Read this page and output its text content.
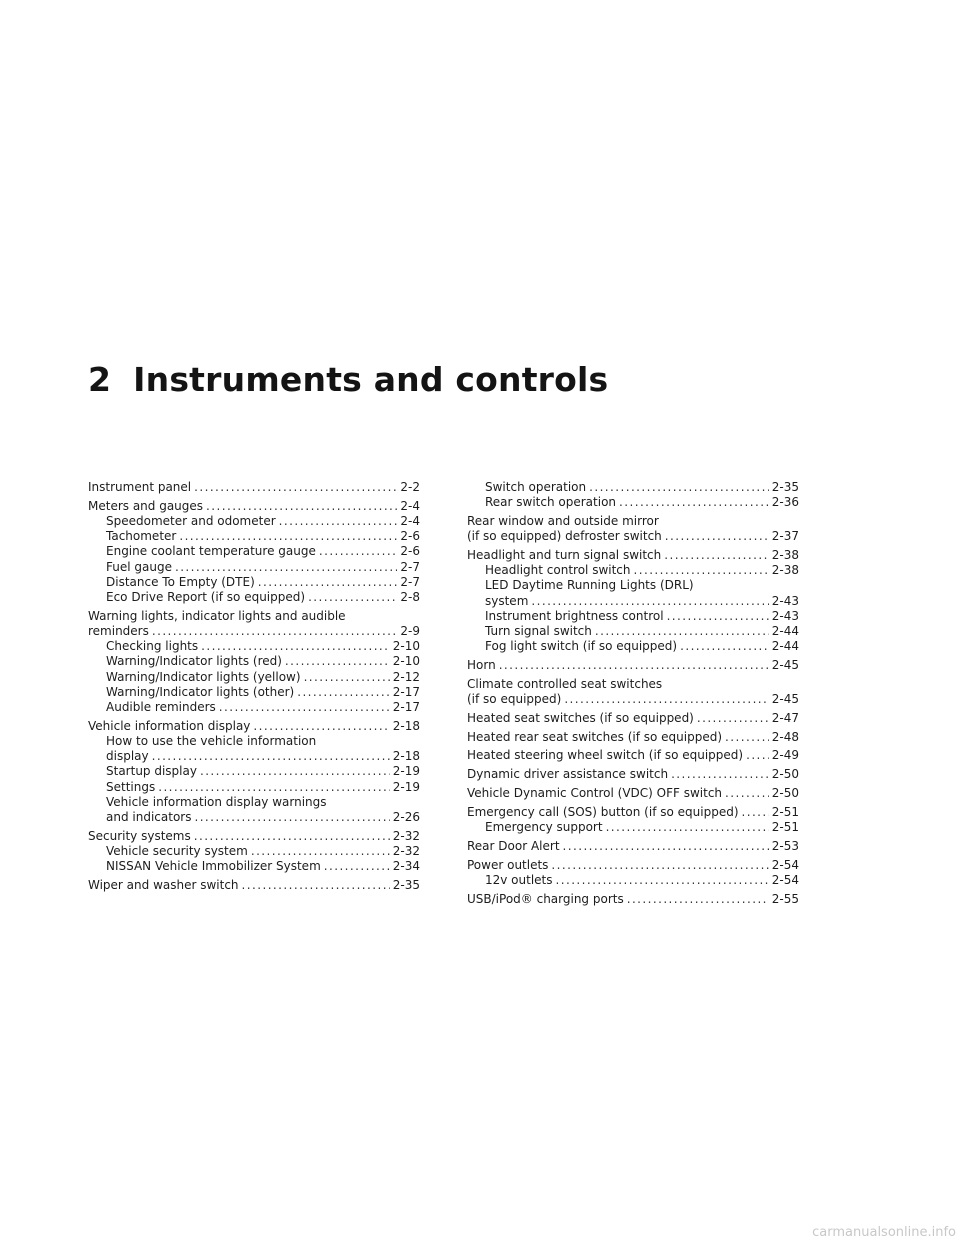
2 Instruments and controls
Instrument panel . . .	2-2
Meters and gauges . . .	2-4
Speedometer and odometer . . .	2-4
Tachometer . . .	2-6
Engine coolant temperature gauge . . .	2-6
Fuel gauge . . .	2-7
Distance To Empty (DTE) . . .	2-7
Eco Drive Report (if so equipped) . . .	2-8
Warning lights, indicator lights and audible
reminders . . .	2-9
Checking lights . . .	2-10
Warning/Indicator lights (red) . . .	2-10
Warning/Indicator lights (yellow) . . .	2-12
Warning/Indicator lights (other) . . .	2-17
Audible reminders . . .	2-17
Vehicle information display . . .	2-18
How to use the vehicle information
display . . .	2-18
Startup display . . .	2-19
Settings . . .	2-19
Vehicle information display warnings
and indicators . . .	2-26
Security systems . . .	2-32
Vehicle security system . . .	2-32
NISSAN Vehicle Immobilizer System . . .	2-34
Wiper and washer switch . . .	2-35
Switch operation . . .	2-35
Rear switch operation . . .	2-36
Rear window and outside mirror
(if so equipped) defroster switch . . .	2-37
Headlight and turn signal switch . . .	2-38
Headlight control switch . . .	2-38
LED Daytime Running Lights (DRL)
system . . .	2-43
Instrument brightness control . . .	2-43
Turn signal switch . . .	2-44
Fog light switch (if so equipped) . . .	2-44
Horn . . .	2-45
Climate controlled seat switches
(if so equipped) . . .	2-45
Heated seat switches (if so equipped) . . .	2-47
Heated rear seat switches (if so equipped) . . .	2-48
Heated steering wheel switch (if so equipped) . . . 2-49
Dynamic driver assistance switch . . .	2-50
Vehicle Dynamic Control (VDC) OFF switch . . .	2-50
Emergency call (SOS) button (if so equipped) . . .	2-51
Emergency support . . .	2-51
Rear Door Alert . . .	2-53
Power outlets . . .	2-54
12v outlets . . .	2-54
USB/iPod® charging ports . . .	2-55
carmanualsonline.info
